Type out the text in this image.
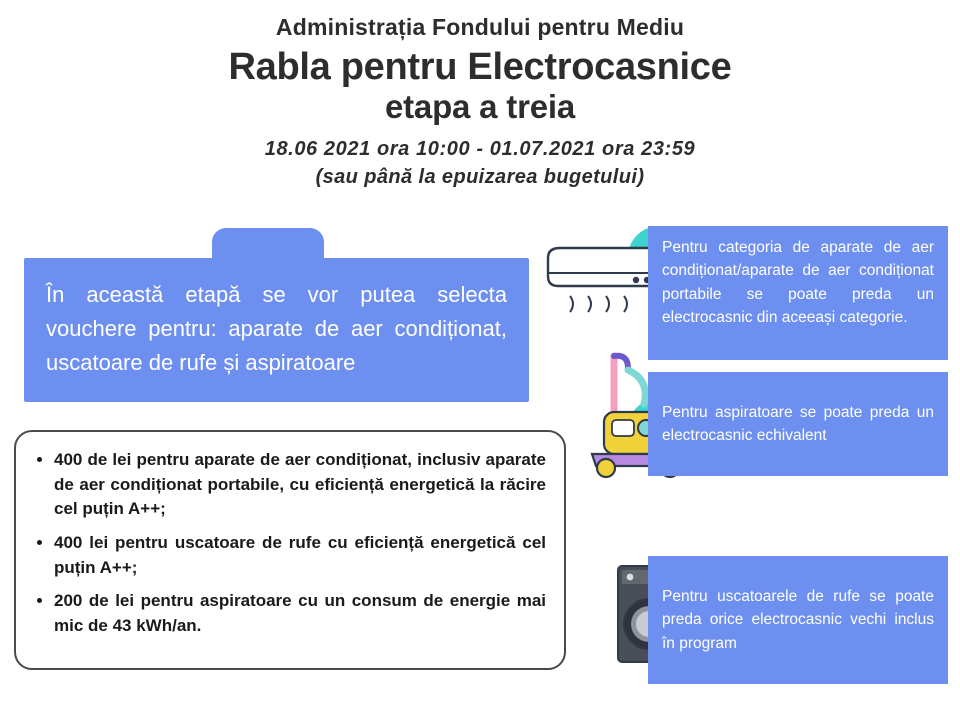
Administrația Fondului pentru Mediu
Rabla pentru Electrocasnice
etapa a treia
18.06 2021 ora 10:00 - 01.07.2021 ora 23:59
(sau până la epuizarea bugetului)
În această etapă se vor putea selecta vouchere pentru: aparate de aer condiționat, uscatoare de rufe și aspiratoare
• 400 de lei pentru aparate de aer condiționat, inclusiv aparate de aer condiționat portabile, cu eficiență energetică la răcire cel puțin A++;
• 400 lei pentru uscatoare de rufe cu eficiență energetică cel puțin A++;
• 200 de lei pentru aspiratoare cu un consum de energie mai mic de 43 kWh/an.
Pentru categoria de aparate de aer condiționat/aparate de aer condiționat portabile se poate preda un electrocasnic din aceeași categorie.
Pentru aspiratoare se poate preda un electrocasnic echivalent
Pentru uscatoarele de rufe se poate preda orice electrocasnic vechi inclus în program
